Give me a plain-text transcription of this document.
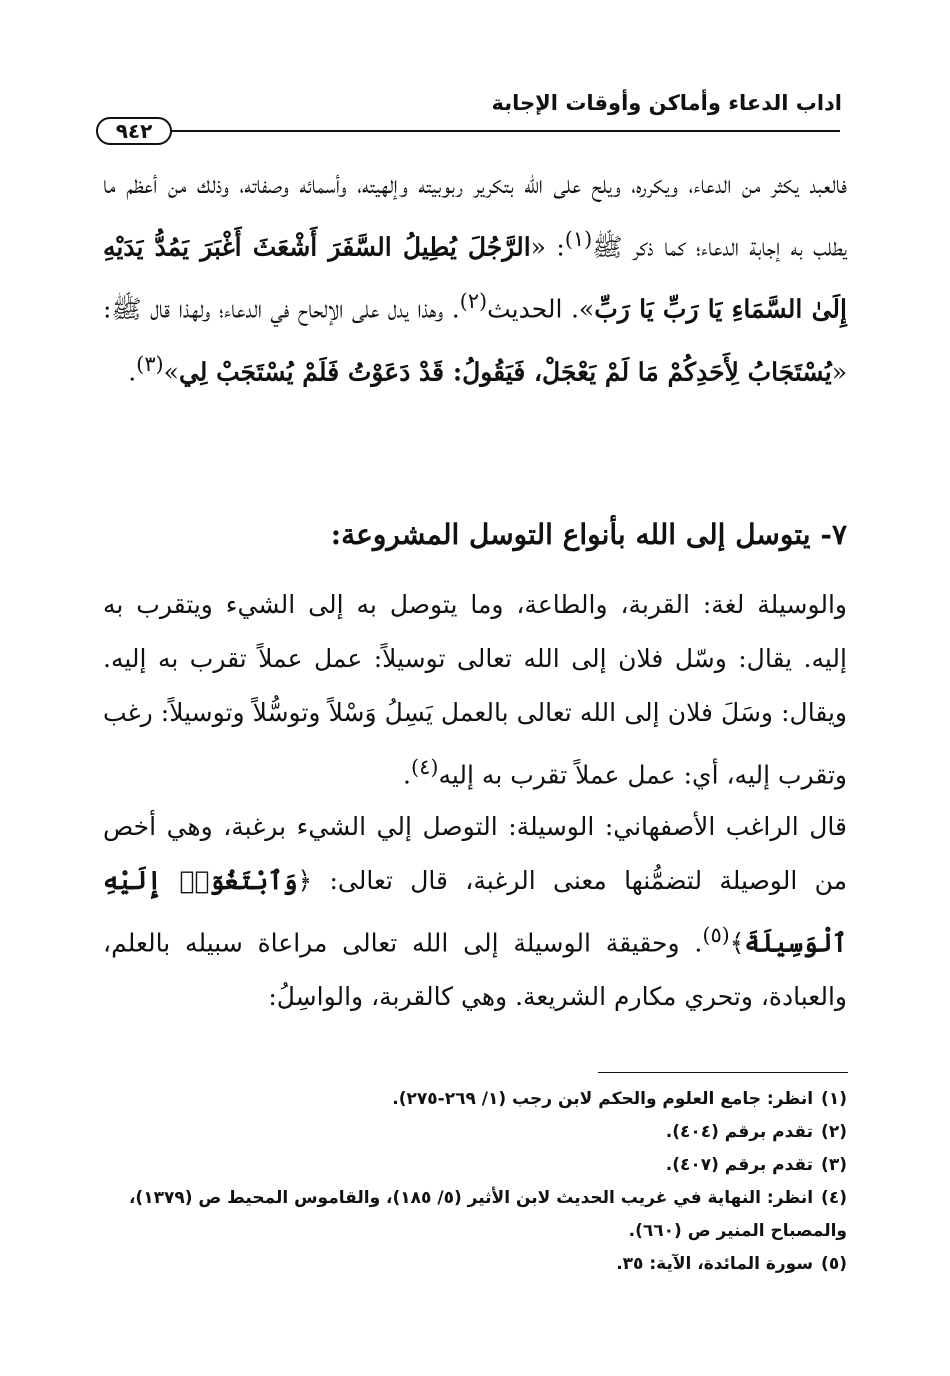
اداب الدعاء وأماكن وأوقات الإجابة
٩٤٢

فالعبد يكثر من الدعاء، ويكرره، ويلح على الله بتكرير ربوبيته وإلهيته، وأسمائه وصفاته، وذلك من أعظم ما يطلب به إجابة الدعاء؛ كما ذكر ﷺ$^{(١)}$: «الرَّجُلَ يُطِيلُ السَّفَرَ أَشْعَثَ أَغْبَرَ يَمُدُّ يَدَيْهِ إِلَىٰ السَّمَاءِ يَا رَبِّ يَا رَبِّ». الحديث$^{(٢)}$. وهذا يدل على الإلحاح في الدعاء؛ ولهذا قال ﷺ: «يُسْتَجَابُ لِأَحَدِكُمْ مَا لَمْ يَعْجَلْ، فَيَقُولُ: قَدْ دَعَوْتُ فَلَمْ يُسْتَجَبْ لِي»$^{(٣)}$.

٧- يتوسل إلى الله بأنواع التوسل المشروعة:

والوسيلة لغة: القربة، والطاعة، وما يتوصل به إلى الشيء ويتقرب به إليه. يقال: وسّل فلان إلى الله تعالى توسيلاً: عمل عملاً تقرب به إليه. ويقال: وسَلَ فلان إلى الله تعالى بالعمل يَسِلُ وَسْلاً وتوسُّلاً وتوسيلاً: رغب وتقرب إليه، أي: عمل عملاً تقرب به إليه$^{(٤)}$.

قال الراغب الأصفهاني: الوسيلة: التوصل إلي الشيء برغبة، وهي أخص من الوصيلة لتضمُّنها معنى الرغبة، قال تعالى: ﴿وَٱبْتَغُوٓا۟ إِلَيْهِ ٱلْوَسِيلَةَ﴾$^{(٥)}$. وحقيقة الوسيلة إلى الله تعالى مراعاة سبيله بالعلم، والعبادة، وتحري مكارم الشريعة. وهي كالقربة، والواسِلُ:

(١)انظر: جامع العلوم والحكم لابن رجب (١/ ٢٦٩-٢٧٥).
(٢)تقدم برقم (٤٠٤).
(٣)تقدم برقم (٤٠٧).
(٤)انظر: النهاية في غريب الحديث لابن الأثير (٥/ ١٨٥)، والقاموس المحيط ص (١٣٧٩)، والمصباح المنير ص (٦٦٠).
(٥)سورة المائدة، الآية: ٣٥.
